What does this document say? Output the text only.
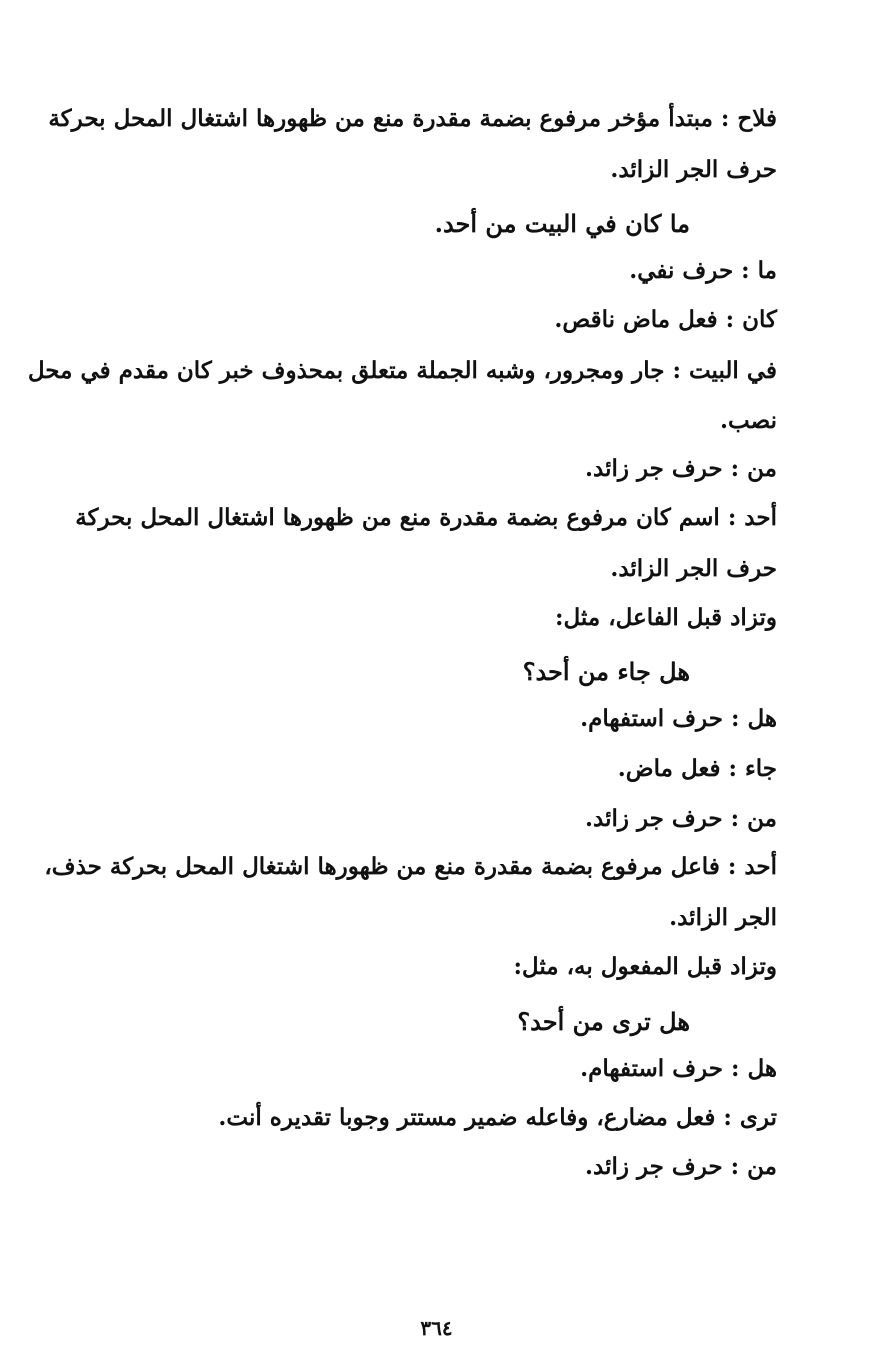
فلاح : مبتدأ مؤخر مرفوع بضمة مقدرة منع من ظهورها اشتغال المحل بحركة
حرف الجر الزائد.
ما كان في البيت من أحد.
ما : حرف نفي.
كان : فعل ماض ناقص.
في البيت : جار ومجرور، وشبه الجملة متعلق بمحذوف خبر كان مقدم في محل
نصب.
من : حرف جر زائد.
أحد : اسم كان مرفوع بضمة مقدرة منع من ظهورها اشتغال المحل بحركة
حرف الجر الزائد.
وتزاد قبل الفاعل، مثل:
هل جاء من أحد؟
هل : حرف استفهام.
جاء : فعل ماض.
من : حرف جر زائد.
أحد : فاعل مرفوع بضمة مقدرة منع من ظهورها اشتغال المحل بحركة حذف،
الجر الزائد.
وتزاد قبل المفعول به، مثل:
هل ترى من أحد؟
هل : حرف استفهام.
ترى : فعل مضارع، وفاعله ضمير مستتر وجوبا تقديره أنت.
من : حرف جر زائد.
٣٦٤
